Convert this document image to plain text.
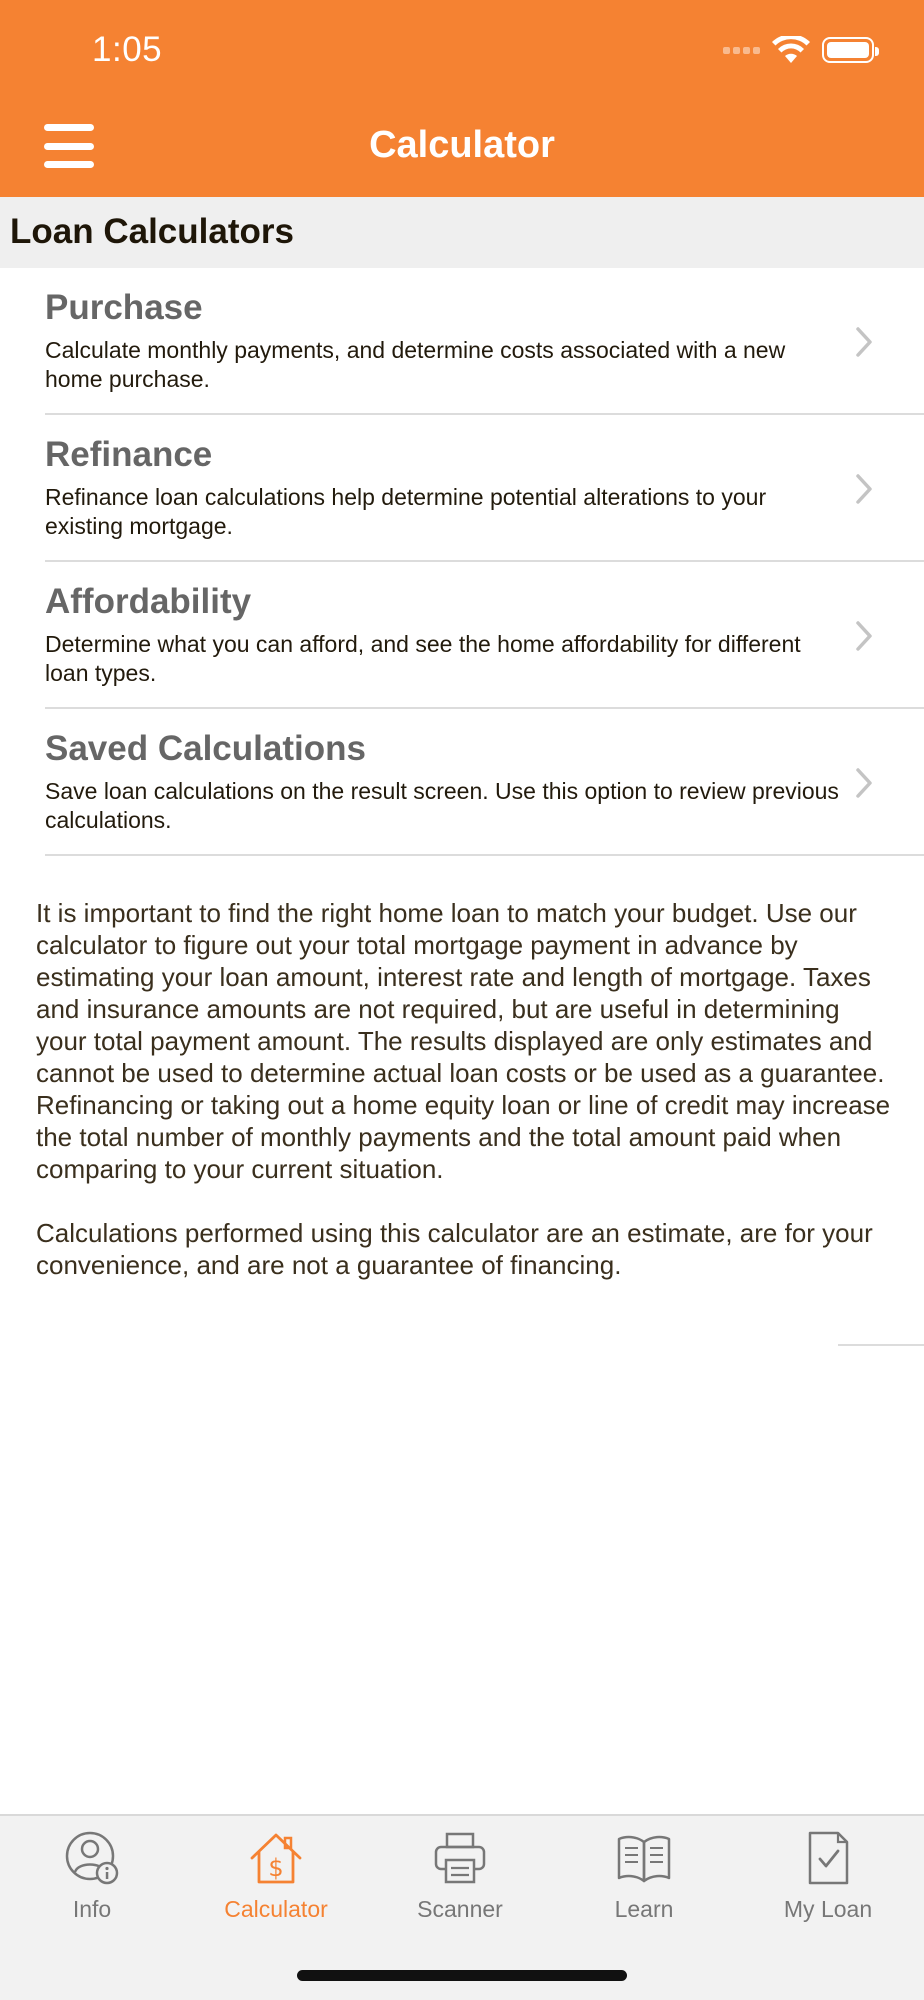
1:05
Calculator
Loan Calculators
Purchase
Calculate monthly payments, and determine costs associated with a new home purchase.
Refinance
Refinance loan calculations help determine potential alterations to your existing mortgage.
Affordability
Determine what you can afford, and see the home affordability for different loan types.
Saved Calculations
Save loan calculations on the result screen. Use this option to review previous calculations.

It is important to find the right home loan to match your budget. Use our calculator to figure out your total mortgage payment in advance by estimating your loan amount, interest rate and length of mortgage. Taxes and insurance amounts are not required, but are useful in determining your total payment amount. The results displayed are only estimates and cannot be used to determine actual loan costs or be used as a guarantee. Refinancing or taking out a home equity loan or line of credit may increase the total number of monthly payments and the total amount paid when comparing to your current situation.

Calculations performed using this calculator are an estimate, are for your convenience, and are not a guarantee of financing.

Info
$
Calculator	Scanner	Learn	My Loan
